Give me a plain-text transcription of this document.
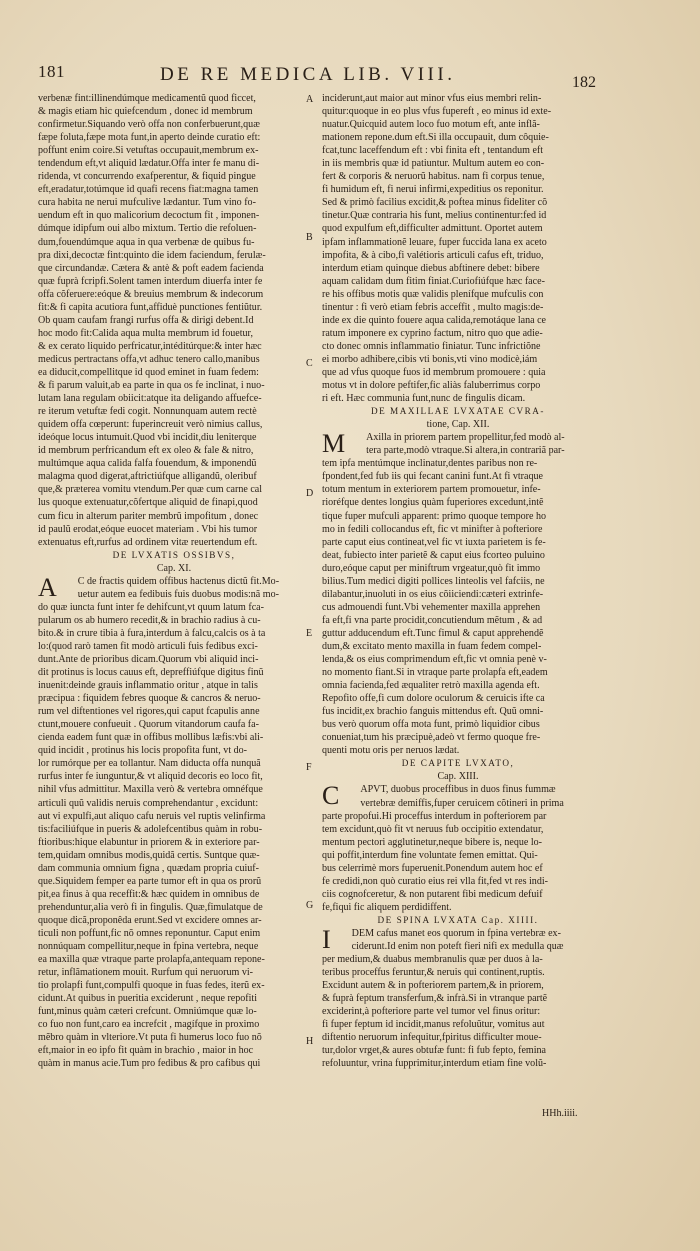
181	DE RE MEDICA LIB. VIII.	182
A
B
C
D
E
F
G
H
verbenæ fint:illinendúmque medicamentũ quod ficcet,
& magis etiam hic quiefcendum , donec id membrum
confirmetur.Siquando verò offa non conferbuerunt,quæ
fæpe foluta,fæpe mota funt,in aperto deinde curatio eft:
poffunt enim coire.Si vetuftas occupauit,membrum ex-
tendendum eft,vt aliquid lædatur.Offa inter fe manu di-
ridenda, vt concurrendo exafperentur, & fiquid pingue
eft,eradatur,totúmque id quafi recens fiat:magna tamen
cura habita ne nerui mufculive lædantur. Tum vino fo-
uendum eft in quo malicorium decoctum fit , imponen-
dúmque idipfum oui albo mixtum. Tertio die refoluen-
dum,fouendúmque aqua in qua verbenæ de quibus fu-
pra dixi,decoctæ fint:quinto die idem faciendum, ferulæ-
que circundandæ. Cætera & antè & poft eadem facienda
quæ fuprà fcripfi.Solent tamen interdum diuerfa inter fe
offa cõferuere:eóque & breuius membrum & indecorum
fit:& fi capita acutiora funt,affiduè punctiones fentiũtur.
Ob quam caufam frangi rurfus offa & dirigi debent.Id
hoc modo fit:Calida aqua multa membrum id fouetur,
& ex cerato liquido perfricatur,intéditúrque:& inter hæc
medicus pertractans offa,vt adhuc tenero callo,manibus
ea diducit,compellitque id quod eminet in fuam fedem:
& fi parum valuit,ab ea parte in qua os fe inclinat, i nuo-
lutam lana regulam obiicit:atque ita deligando affuefce-
re iterum vetuftæ fedi cogit. Nonnunquam autem rectè
quidem offa cœperunt: fuperincreuit verò nimius callus,
ideóque locus intumuit.Quod vbi incidit,diu leniterque
id membrum perfricandum eft ex oleo & fale & nitro,
multúmque aqua calida falfa fouendum, & imponendũ
malagma quod digerat,aftrictiúfque alligandũ, oleribuf
que,& præterea vomitu vtendum.Per quæ cum carne cal
lus quoque extenuatur,cõfertque aliquid de finapi,quod
cum ficu in alterum pariter membrũ impofitum , donec
id paulũ erodat,eóque euocet materiam . Vbi his tumor
extenuatus eft,rurfus ad ordinem vitæ reuertendum eft.
DE LVXATIS OSSIBVS,
Cap. XI.
A	C de fractis quidem offibus hactenus dictũ fit.Mo-
uetur autem ea fedibuis fuis duobus modis:nã mo-
do quæ iuncta funt inter fe dehifcunt,vt quum latum fca-
pularum os ab humero recedit,& in brachio radius à cu-
bito.& in crure tibia à fura,interdum à falcu,calcis os à ta
lo:(quod rarò tamen fit modò articuli fuis fedibus exci-
dunt.Ante de prioribus dicam.Quorum vbi aliquid inci-
dit protinus is locus cauus eft, depreffiúfque digitus finũ
inuenit:deinde grauis inflammatio oritur , atque in talis
præcipua : fiquidem febres quoque & cancros & neruo-
rum vel diftentiones vel rigores,qui caput fcapulis anne
ctunt,mouere confueuit . Quorum vitandorum caufa fa-
cienda eadem funt quæ in offibus mollibus læfis:vbi ali-
quid incidit , protinus his locis propofita funt, vt do-
lor rumórque per ea tollantur. Nam diducta offa nunquã
rurfus inter fe iunguntur,& vt aliquid decoris eo loco fit,
nihil vfus admittitur. Maxilla verò & vertebra omnéfque
articuli quũ validis neruis comprehendantur , excidunt:
aut vi expulfi,aut aliquo cafu neruis vel ruptis velinfirma
tis:faciliúfque in pueris & adolefcentibus quàm in robu-
ftioribus:hique elabuntur in priorem & in exteriore par-
tem,quidam omnibus modis,quidã certis. Suntque quæ-
dam communia omnium figna , quædam propria cuiuf-
que.Siquidem femper ea parte tumor eft in qua os prorũ
pit,ea finus à qua receffit:& hæc quidem in omnibus de
prehenduntur,alia verò fi in fingulis. Quæ,fimulatque de
quoque dicã,proponêda erunt.Sed vt excidere omnes ar-
ticuli non poffunt,fic nõ omnes reponuntur. Caput enim
nonnúquam compellitur,neque in fpina vertebra, neque
ea maxilla quæ vtraque parte prolapfa,antequam repone-
retur, inflãmationem mouit. Rurfum qui neruorum vi-
tio prolapfi funt,compulfi quoque in fuas fedes, iterũ ex-
cidunt.At quibus in pueritia exciderunt , neque repofiti
funt,minus quàm cæteri crefcunt. Omniúmque quæ lo-
co fuo non funt,caro ea increfcit , magífque in proximo
mẽbro quàm in vlteriore.Vt puta fi humerus loco fuo nõ
eft,maior in eo ipfo fit quàm in brachio , maior in hoc
quàm in manus acie.Tum pro fedibus & pro cafibus qui
inciderunt,aut maior aut minor vfus eius membri relin-
quitur:quoque in eo plus vfus fupereft , eo minus id exte-
nuatur.Quicquid autem loco fuo motum eft, ante inflã-
mationem repone.dum eft.Si illa occupauit, dum côquie-
fcat,tunc laceffendum eft : vbi finita eft , tentandum eft
in iis membris quæ id patiuntur. Multum autem eo con-
fert & corporis & neruorũ habitus. nam fi corpus tenue,
fi humidum eft, fi nerui infirmi,expeditius os reponitur.
Sed & primò facilius excidit,& poftea minus fideliter cõ
tinetur.Quæ contraria his funt, melius continentur:fed id
quod expulfum eft,difficulter admittunt. Oportet autem
ipfam inflammationẽ leuare, fuper fuccida lana ex aceto
impofita, & à cibo,fi valétioris articuli cafus eft, triduo,
interdum etiam quinque diebus abftinere debet: bibere
aquam calidam dum fitim finiat.Curiofiúfque hæc face-
re his offibus motis quæ validis plenífque mufculis con
tinentur : fi verò etiam febris acceffit , multo magis:de-
inde ex die quinto fouere aqua calida,remotáque lana ce
ratum imponere ex cyprino factum, nitro quo que adie-
cto donec omnis inflammatio finiatur. Tunc infrictiõne
ei morbo adhibere,cibis vti bonis,vti vino modicè,iám
que ad vfus quoque fuos id membrum promouere : quia
motus vt in dolore peftifer,fic aliàs faluberrimus corpo
ri eft. Hæc communia funt,nunc de fingulis dicam.
DE MAXILLAE LVXATAE CVRA-
tione, Cap. XII.
M	Axilla in priorem partem propellitur,fed modò al-
tera parte,modò vtraque.Si altera,in contrariã par-
tem ipfa mentúmque inclinatur,dentes paribus non re-
fpondent,fed fub iis qui fecant canini funt.At fi vtraque
totum mentum in exteriorem partem promouetur, infe-
rioréfque dentes longius quàm fuperiores excedunt,intẽ
tique fuper mufculi apparent: primo quoque tempore ho
mo in fedili collocandus eft, fic vt minifter à pofteriore
parte caput eius contineat,vel fic vt iuxta parietem is fe-
deat, fubiecto inter parietẽ & caput eius fcorteo puluino
duro,eóque caput per miniftrum vrgeatur,quò fit immo
bilius.Tum medici digiti pollices linteolis vel fafciis, ne
dilabantur,inuoluti in os eius cõiiciendi:cæteri extrinfe-
cus admouendi funt.Vbi vehementer maxilla apprehen
fa eft,fi vna parte procidit,concutiendum mẽtum , & ad
guttur adducendum eft.Tunc fimul & caput apprehendẽ
dum,& excitato mento maxilla in fuam fedem compel-
lenda,& os eius comprimendum eft,fic vt omnia penè v-
no momento fiant.Si in vtraque parte prolapfa eft,eadem
omnia facienda,fed æqualiter retrò maxilla agenda eft.
Repofito offe,fi cum dolore oculorum & ceruicis ifte ca
fus incidit,ex brachio fanguis mittendus eft. Quũ omni-
bus verò quorum offa mota funt, primò liquidior cibus
conueniat,tum his præcipuè,adeò vt fermo quoque fre-
quenti motu oris per neruos lædat.
DE CAPITE LVXATO,
Cap. XIII.
C	APVT, duobus proceffibus in duos finus fummæ
vertebræ demiffis,fuper ceruicem cõtineri in prima
parte propofui.Hi proceffus interdum in pofteriorem par
tem excidunt,quò fit vt neruus fub occipitio extendatur,
mentum pectori agglutinetur,neque bibere is, neque lo-
qui poffit,interdum fine voluntate femen emittat. Qui-
bus celerrimè mors fuperuenit.Ponendum autem hoc ef
fe credidi,non quò curatio eius rei vlla fit,fed vt res indi-
ciis cognofceretur, & non putarent fibi medicum defuif
fe,fiqui fic aliquem perdidiffent.
DE SPINA LVXATA Cap. XIIII.
I	DEM cafus manet eos quorum in fpina vertebræ ex-
ciderunt.Id enim non poteft fieri nifi ex medulla quæ
per medium,& duabus membranulis quæ per duos à la-
teribus proceffus feruntur,& neruis qui continent,ruptis.
Excidunt autem & in pofteriorem partem,& in priorem,
& fuprà feptum transferfum,& infrà.Si in vtranque partẽ
exciderint,à pofteriore parte vel tumor vel finus oritur:
fi fuper feptum id incidit,manus refoluũtur, vomitus aut
diftentio neruorum infequitur,fpiritus difficulter moue-
tur,dolor vrget,& aures obtufæ funt: fi fub fepto, femina
refoluuntur, vrina fupprimitur,interdum etiam fine volũ-
HHh.iiii.
